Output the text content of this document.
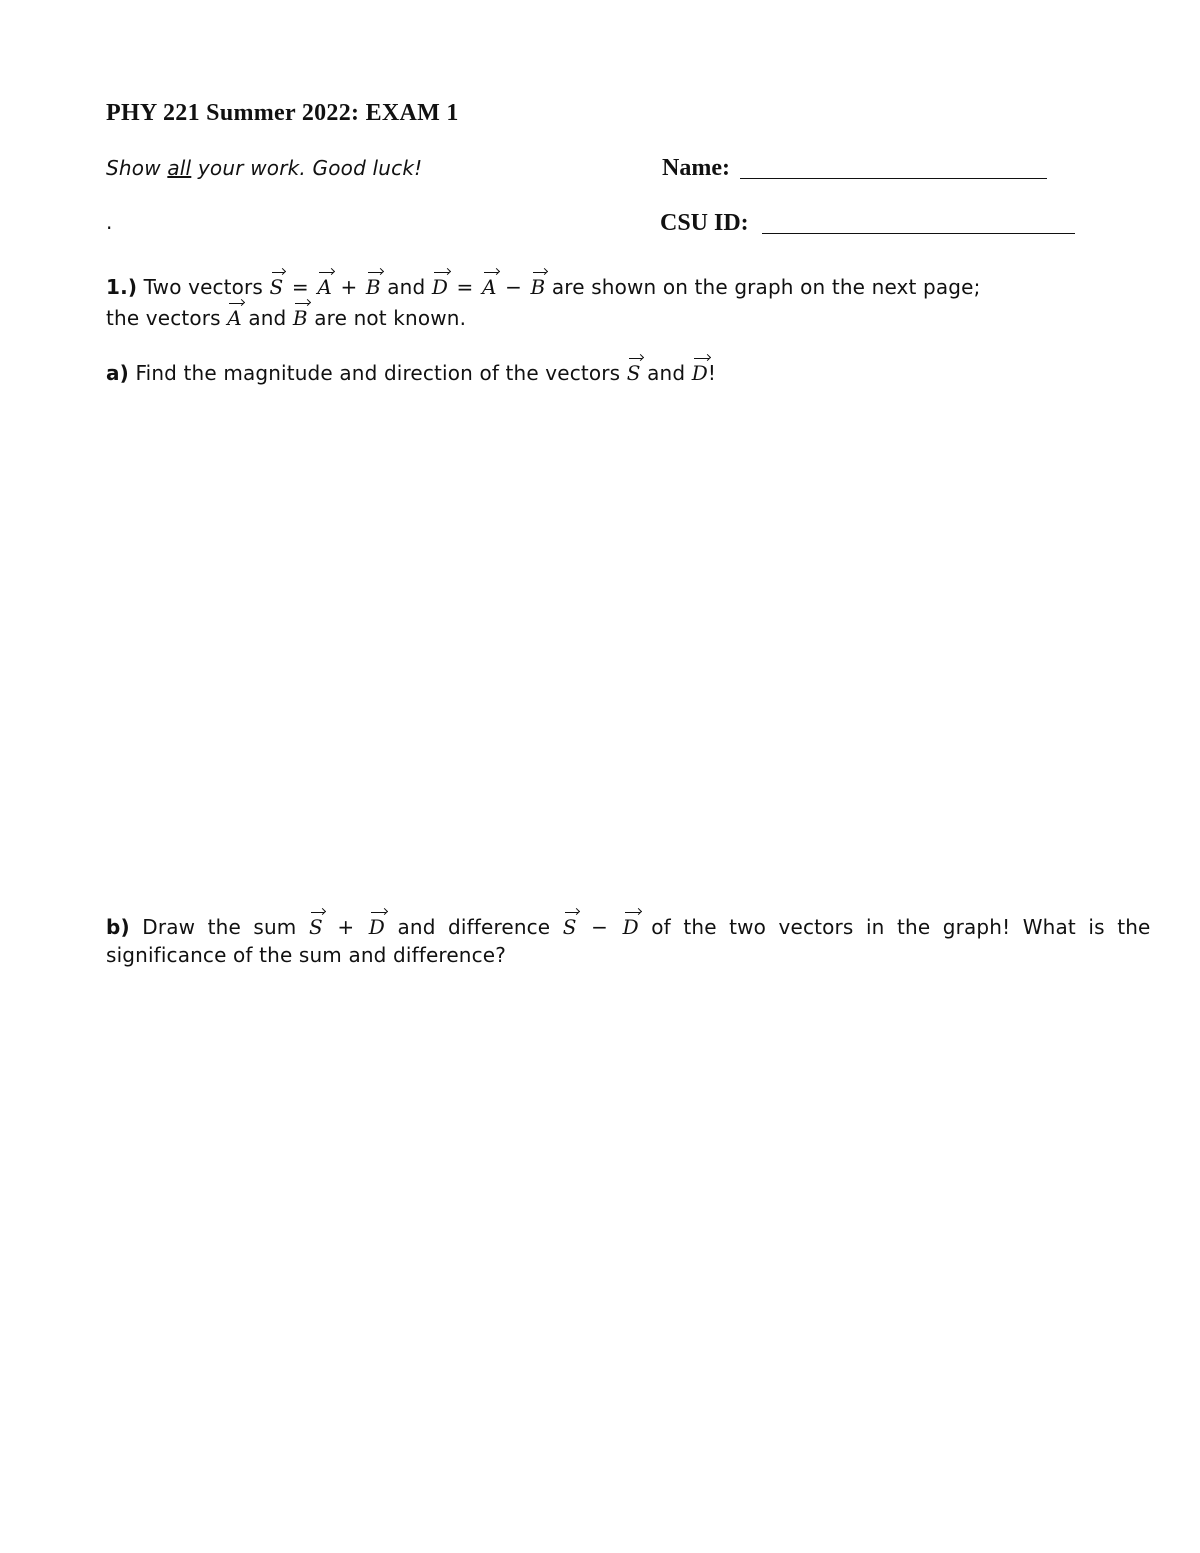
PHY 221 Summer 2022: EXAM 1
Show all your work. Good luck!	Name:
.	CSU ID:
1.) Two vectors S = A + B and D = A − B are shown on the graph on the next page;
the vectors A and B are not known.
a) Find the magnitude and direction of the vectors S and D!
b) Draw the sum S + D and difference S − D of the two vectors in the graph! What is the
significance of the sum and difference?
